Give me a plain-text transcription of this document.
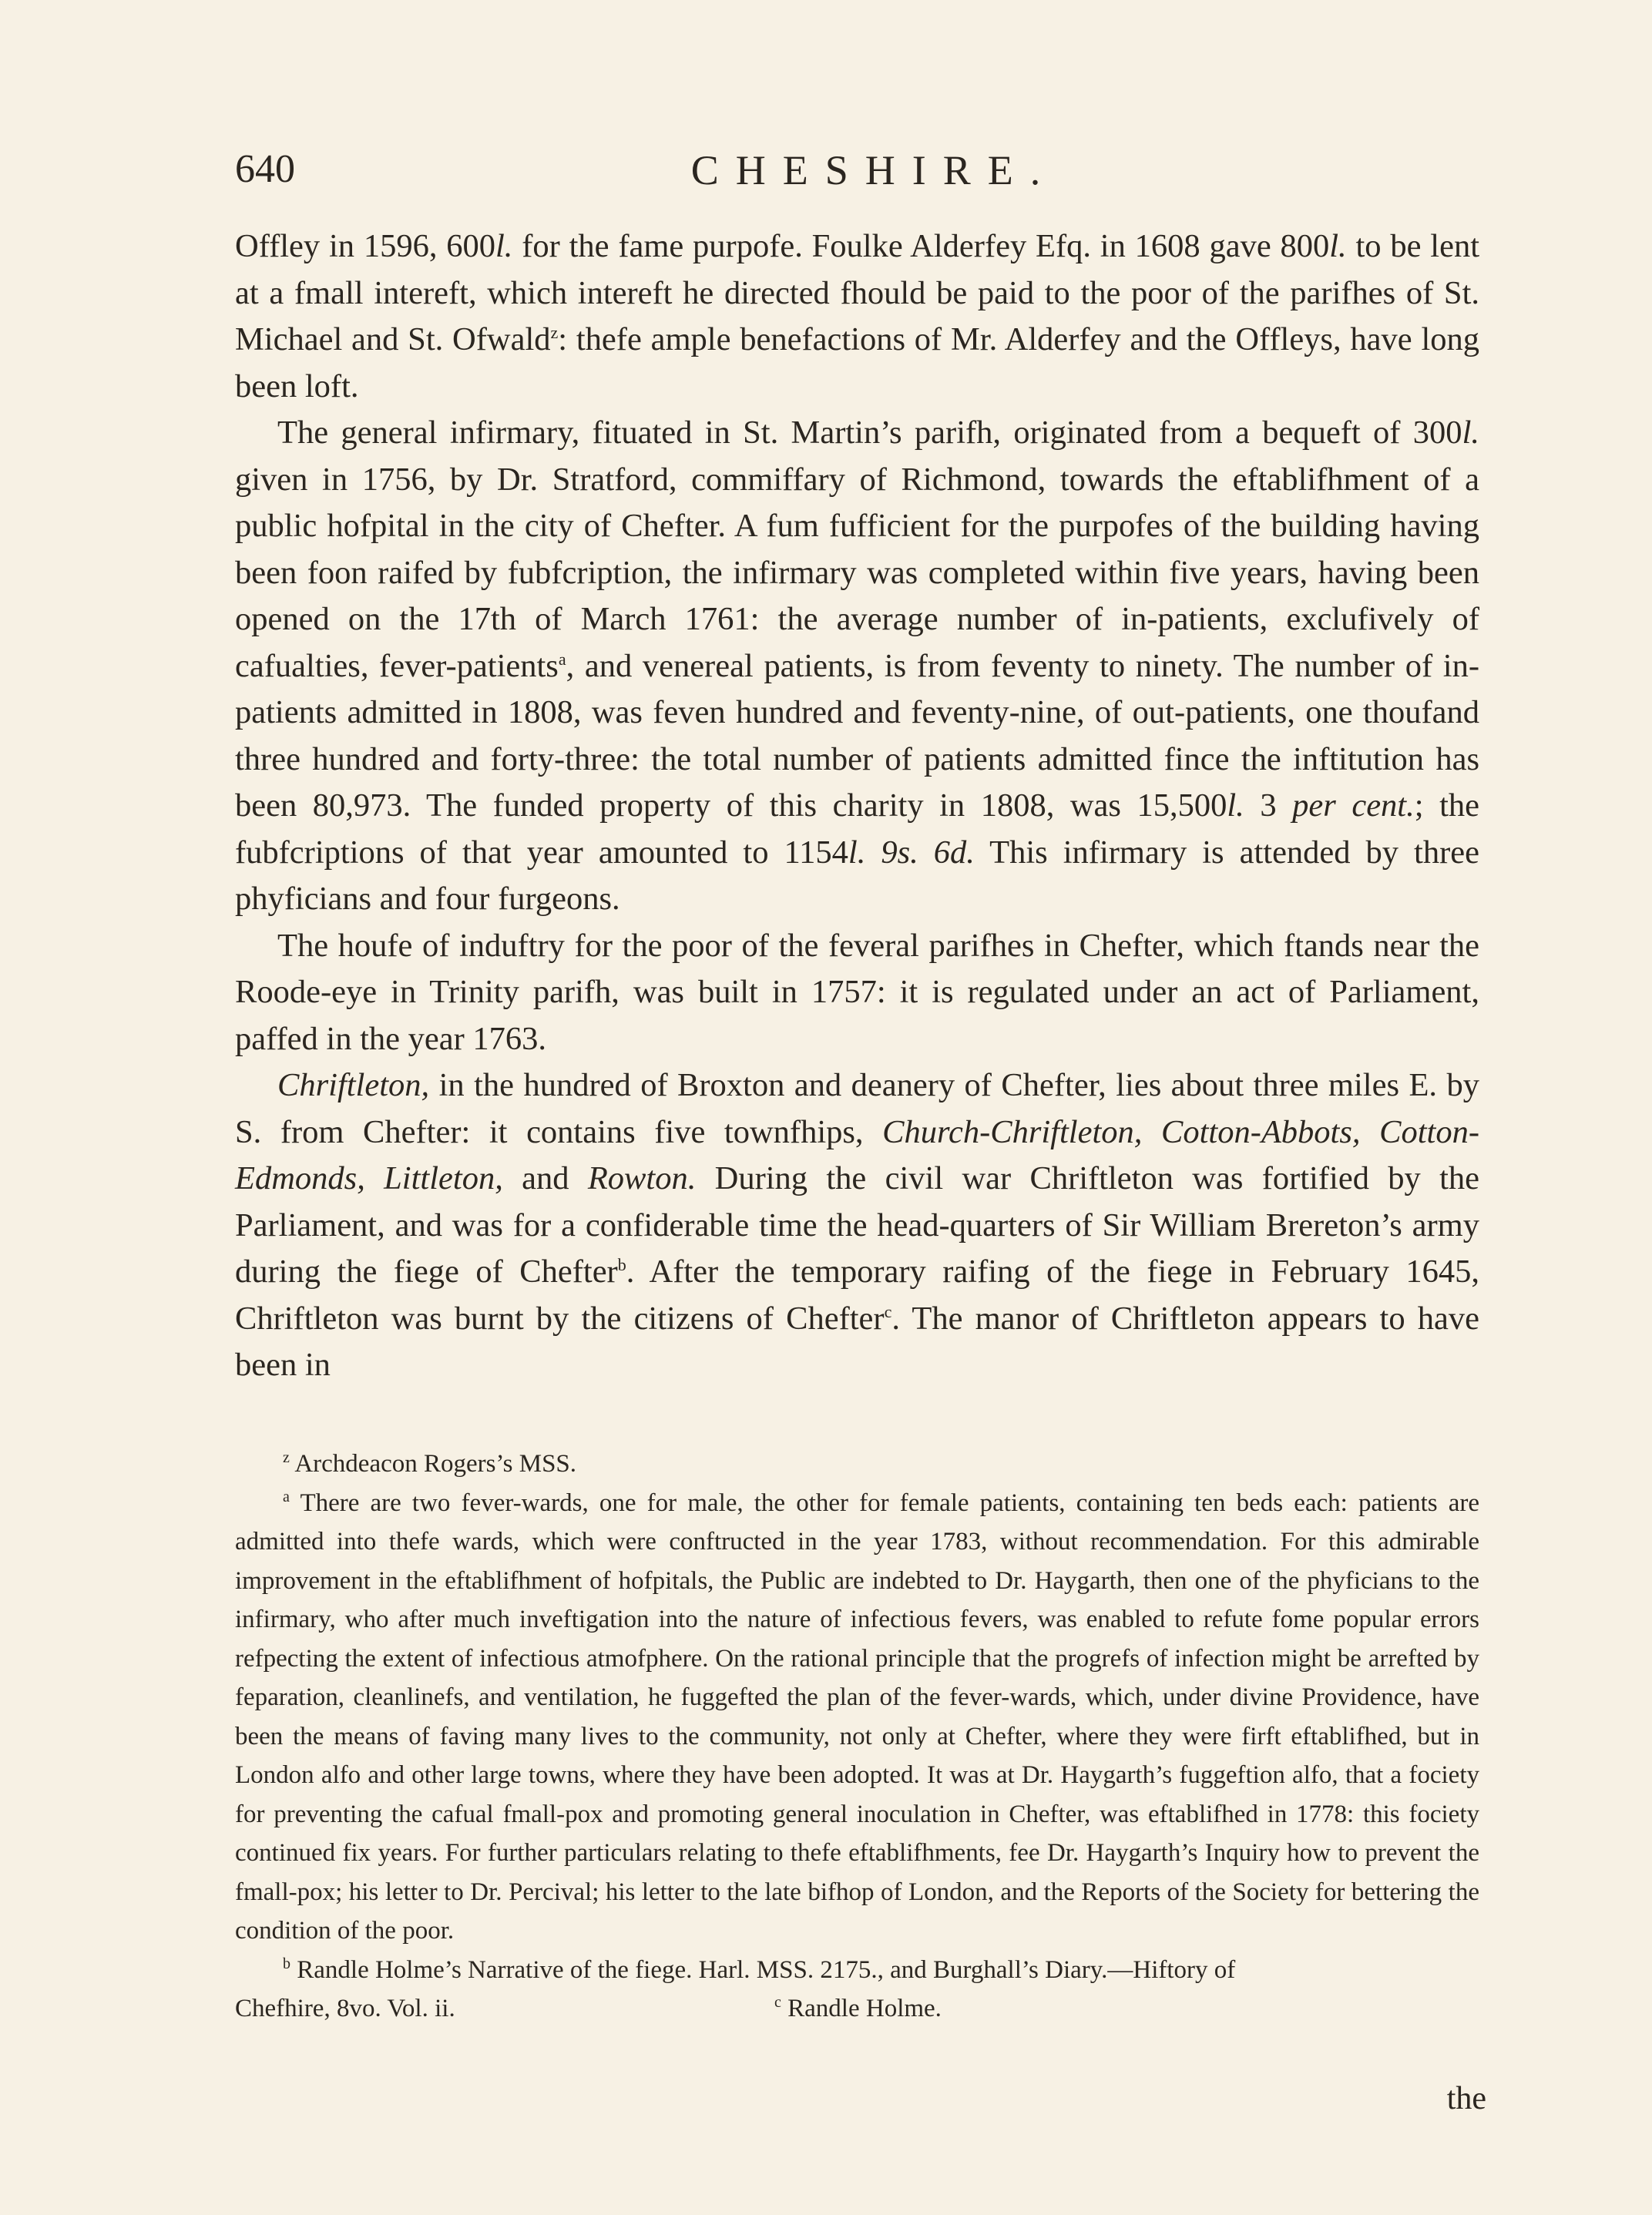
640	CHESHIRE.

Offley in 1596, 600l. for the fame purpofe. Foulke Alderfey Efq. in 1608 gave 800l. to be lent at a fmall intereft, which intereft he directed fhould be paid to the poor of the parifhes of St. Michael and St. Ofwald$^z$: thefe ample benefactions of Mr. Alderfey and the Offleys, have long been loft.

The general infirmary, fituated in St. Martin’s parifh, originated from a bequeft of 300l. given in 1756, by Dr. Stratford, commiffary of Richmond, towards the eftablifhment of a public hofpital in the city of Chefter. A fum fufficient for the purpofes of the building having been foon raifed by fubfcription, the infirmary was completed within five years, having been opened on the 17th of March 1761: the average number of in-patients, exclufively of cafualties, fever-patients$^a$, and venereal patients, is from feventy to ninety. The number of in-patients admitted in 1808, was feven hundred and feventy-nine, of out-patients, one thoufand three hundred and forty-three: the total number of patients admitted fince the inftitution has been 80,973. The funded property of this charity in 1808, was 15,500l. 3 per cent.; the fubfcriptions of that year amounted to 1154l. 9s. 6d. This infirmary is attended by three phyficians and four furgeons.

The houfe of induftry for the poor of the feveral parifhes in Chefter, which ftands near the Roode-eye in Trinity parifh, was built in 1757: it is regulated under an act of Parliament, paffed in the year 1763.

Chriftleton, in the hundred of Broxton and deanery of Chefter, lies about three miles E. by S. from Chefter: it contains five townfhips, Church-Chriftleton, Cotton-Abbots, Cotton-Edmonds, Littleton, and Rowton. During the civil war Chriftleton was fortified by the Parliament, and was for a confiderable time the head-quarters of Sir William Brereton’s army during the fiege of Chefter$^b$. After the temporary raifing of the fiege in February 1645, Chriftleton was burnt by the citizens of Chefter$^c$. The manor of Chriftleton appears to have been in

$^z$ Archdeacon Rogers’s MSS.

$^a$ There are two fever-wards, one for male, the other for female patients, containing ten beds each: patients are admitted into thefe wards, which were conftructed in the year 1783, without recommendation. For this admirable improvement in the eftablifhment of hofpitals, the Public are indebted to Dr. Haygarth, then one of the phyficians to the infirmary, who after much inveftigation into the nature of infectious fevers, was enabled to refute fome popular errors refpecting the extent of infectious atmofphere. On the rational principle that the progrefs of infection might be arrefted by feparation, cleanlinefs, and ventilation, he fuggefted the plan of the fever-wards, which, under divine Providence, have been the means of faving many lives to the community, not only at Chefter, where they were firft eftablifhed, but in London alfo and other large towns, where they have been adopted. It was at Dr. Haygarth’s fuggeftion alfo, that a fociety for preventing the cafual fmall-pox and promoting general inoculation in Chefter, was eftablifhed in 1778: this fociety continued fix years. For further particulars relating to thefe eftablifhments, fee Dr. Haygarth’s Inquiry how to prevent the fmall-pox; his letter to Dr. Percival; his letter to the late bifhop of London, and the Reports of the Society for bettering the condition of the poor.

$^b$ Randle Holme’s Narrative of the fiege. Harl. MSS. 2175., and Burghall’s Diary.—Hiftory of

Chefhire, 8vo. Vol. ii.	$^c$ Randle Holme.
the
